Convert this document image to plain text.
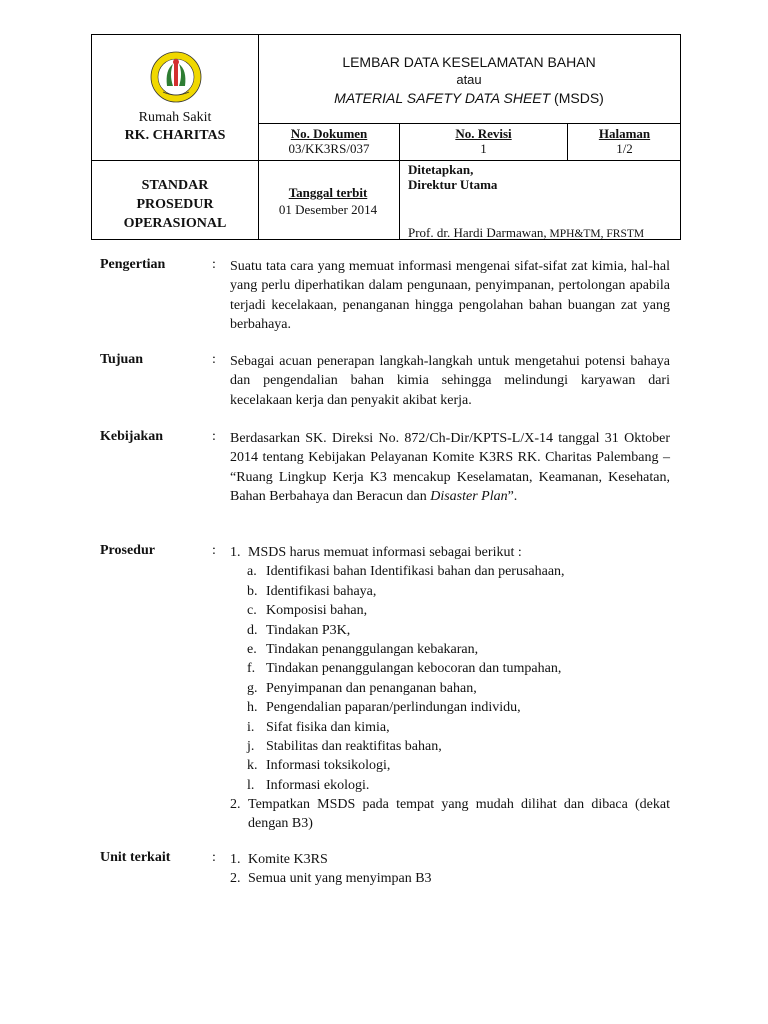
Rumah Sakit
RK. CHARITAS
LEMBAR DATA KESELAMATAN BAHAN
atau
MATERIAL SAFETY DATA SHEET (MSDS)
No. Dokumen
03/KK3RS/037
No. Revisi
1
Halaman
1/2
STANDAR
PROSEDUR
OPERASIONAL
Tanggal terbit
01 Desember 2014
Ditetapkan,
Direktur Utama
Prof. dr. Hardi Darmawan, MPH&TM, FRSTM
Pengertian	: Suatu tata cara yang memuat informasi mengenai sifat-sifat zat kimia, hal-hal yang perlu diperhatikan dalam pengunaan, penyimpanan, pertolongan apabila terjadi kecelakaan, penanganan hingga pengolahan bahan buangan zat yang berbahaya.
Tujuan	: Sebagai acuan penerapan langkah-langkah untuk mengetahui potensi bahaya dan pengendalian bahan kimia sehingga melindungi karyawan dari kecelakaan kerja dan penyakit akibat kerja.
Kebijakan	: Berdasarkan SK. Direksi No. 872/Ch-Dir/KPTS-L/X-14 tanggal 31 Oktober 2014 tentang Kebijakan Pelayanan Komite K3RS RK. Charitas Palembang – “Ruang Lingkup Kerja K3 mencakup Keselamatan, Keamanan, Kesehatan, Bahan Berbahaya dan Beracun dan Disaster Plan”.
Prosedur	: 1. MSDS harus memuat informasi sebagai berikut :
a. Identifikasi bahan Identifikasi bahan dan perusahaan,
b. Identifikasi bahaya,
c. Komposisi bahan,
d. Tindakan P3K,
e. Tindakan penanggulangan kebakaran,
f. Tindakan penanggulangan kebocoran dan tumpahan,
g. Penyimpanan dan penanganan bahan,
h. Pengendalian paparan/perlindungan individu,
i. Sifat fisika dan kimia,
j. Stabilitas dan reaktifitas bahan,
k. Informasi toksikologi,
l. Informasi ekologi.
2. Tempatkan MSDS pada tempat yang mudah dilihat dan dibaca (dekat dengan B3)
Unit terkait	: 1. Komite K3RS
2. Semua unit yang menyimpan B3
